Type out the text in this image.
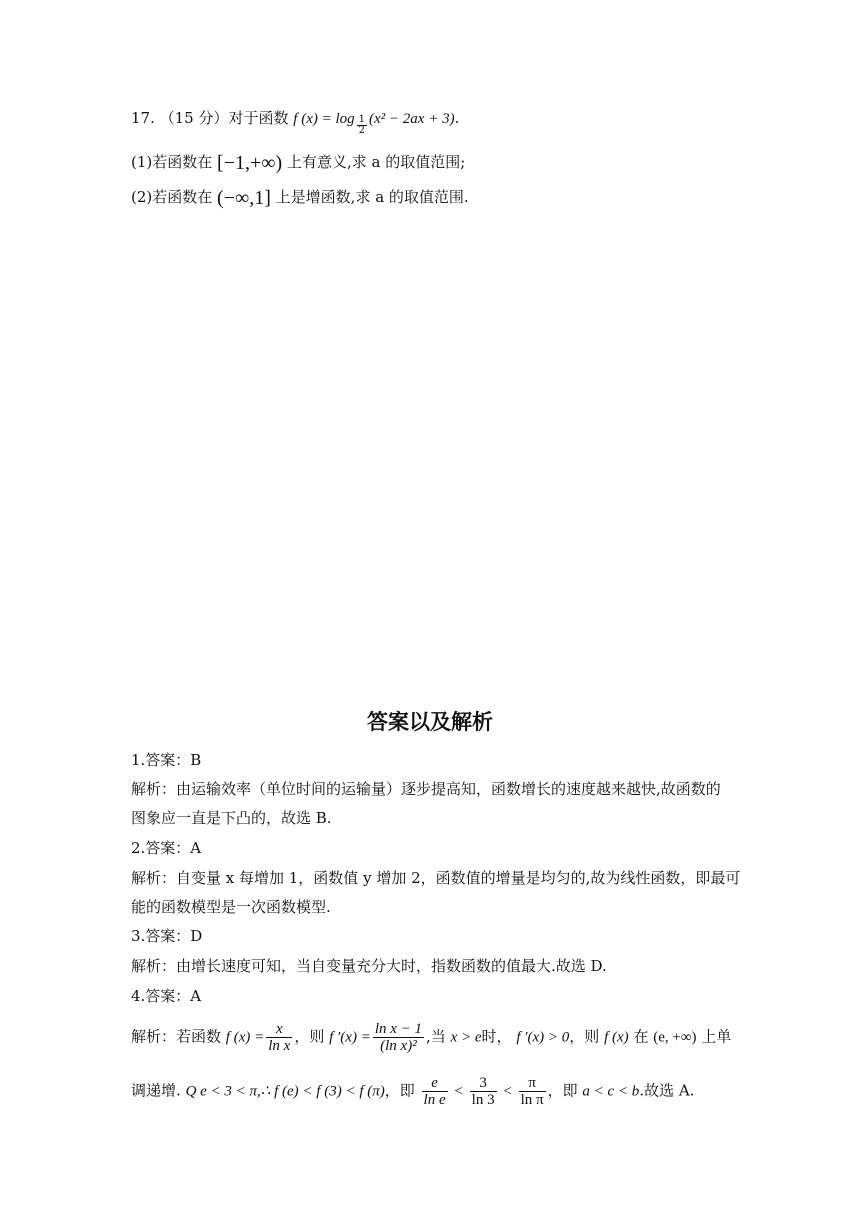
17. （15 分）对于函数 f $(x) = \log \frac{1}{2} (x^2 - 2ax + 3)$.
(1)若函数在 [−1,+∞) 上有意义,求 a 的取值范围;
(2)若函数在 (−∞,1] 上是增函数,求 a 的取值范围.
答案以及解析
1.答案：B
解析：由运输效率（单位时间的运输量）逐步提高知，函数增长的速度越来越快,故函数的
图象应一直是下凸的，故选 B.
2.答案：A
解析：自变量 x 每增加 1，函数值 y 增加 2，函数值的增量是均匀的,故为线性函数，即最可
能的函数模型是一次函数模型.
3.答案：D
解析：由增长速度可知，当自变量充分大时，指数函数的值最大.故选 D.
4.答案：A
解析：若函数 f $(x) = \frac{x}{\text{ln x}}$ ，则 f $'(x) = \frac{\text{ln x − 1}}{\text{(ln x)²}}$ ,当 x > e时， f ′(x) > 0，则 f (x) 在 (e, +∞) 上单
调递增. Q e < 3 < π,∴ f (e) < f (3) < f (π)，即 $\frac{e}{\text{ln e}} < \frac{3}{\ln 3} < \frac{\pi}{\text{ln π}}$ ，即 a < c < b.故选 A.
